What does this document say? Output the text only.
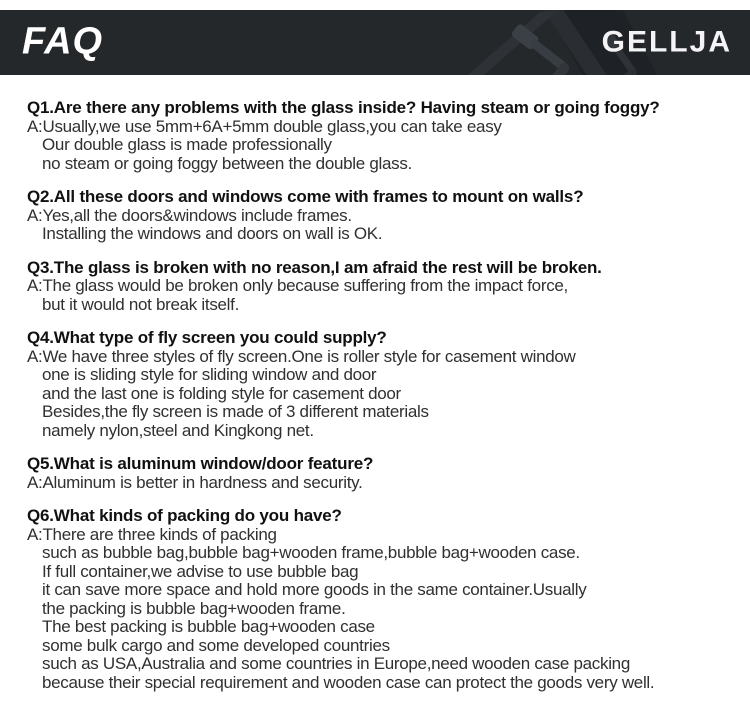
FAQ	GELLJA
Q1.Are there any problems with the glass inside? Having steam or going foggy?

A:Usually,we use 5mm+6A+5mm double glass,you can take easy

Our double glass is made professionally

no steam or going foggy between the double glass.

Q2.All these doors and windows come with frames to mount on walls?

A:Yes,all the doors&windows include frames.

Installing the windows and doors on wall is OK.

Q3.The glass is broken with no reason,I am afraid the rest will be broken.

A:The glass would be broken only because suffering from the impact force,

but it would not break itself.

Q4.What type of fly screen you could supply?

A:We have three styles of fly screen.One is roller style for casement window

one is sliding style for sliding window and door

and the last one is folding style for casement door

Besides,the fly screen is made of 3 different materials

namely nylon,steel and Kingkong net.

Q5.What is aluminum window/door feature?

A:Aluminum is better in hardness and security.

Q6.What kinds of packing do you have?

A:There are three kinds of packing

such as bubble bag,bubble bag+wooden frame,bubble bag+wooden case.

If full container,we advise to use bubble bag

it can save more space and hold more goods in the same container.Usually

the packing is bubble bag+wooden frame.

The best packing is bubble bag+wooden case

some bulk cargo and some developed countries

such as USA,Australia and some countries in Europe,need wooden case packing

because their special requirement and wooden case can protect the goods very well.
